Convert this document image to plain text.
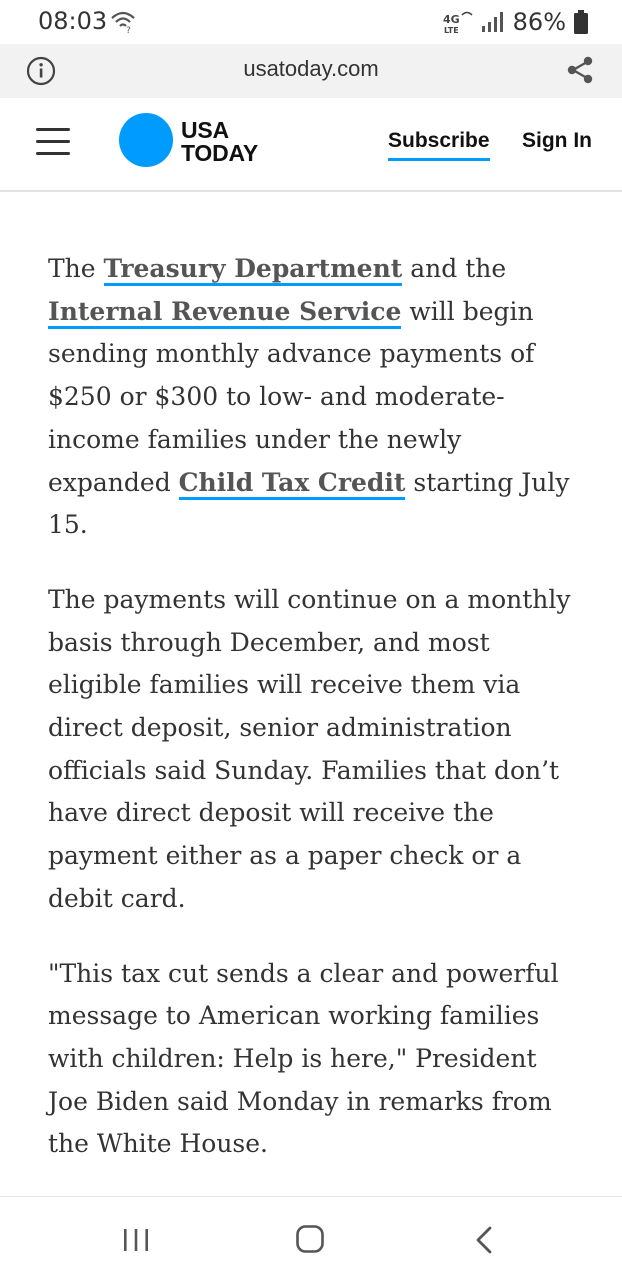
08:03 ?
4G
LTE 86%
usatoday.com
USA
TODAY	Subscribe Sign In

The Treasury Department and the Internal Revenue Service will begin sending monthly advance payments of $250 or $300 to low- and moderate-income families under the newly expanded Child Tax Credit starting July 15.

The payments will continue on a monthly basis through December, and most eligible families will receive them via direct deposit, senior administration officials said Sunday. Families that don’t have direct deposit will receive the payment either as a paper check or a debit card.

"This tax cut sends a clear and powerful message to American working families with children: Help is here," President Joe Biden said Monday in remarks from the White House.
